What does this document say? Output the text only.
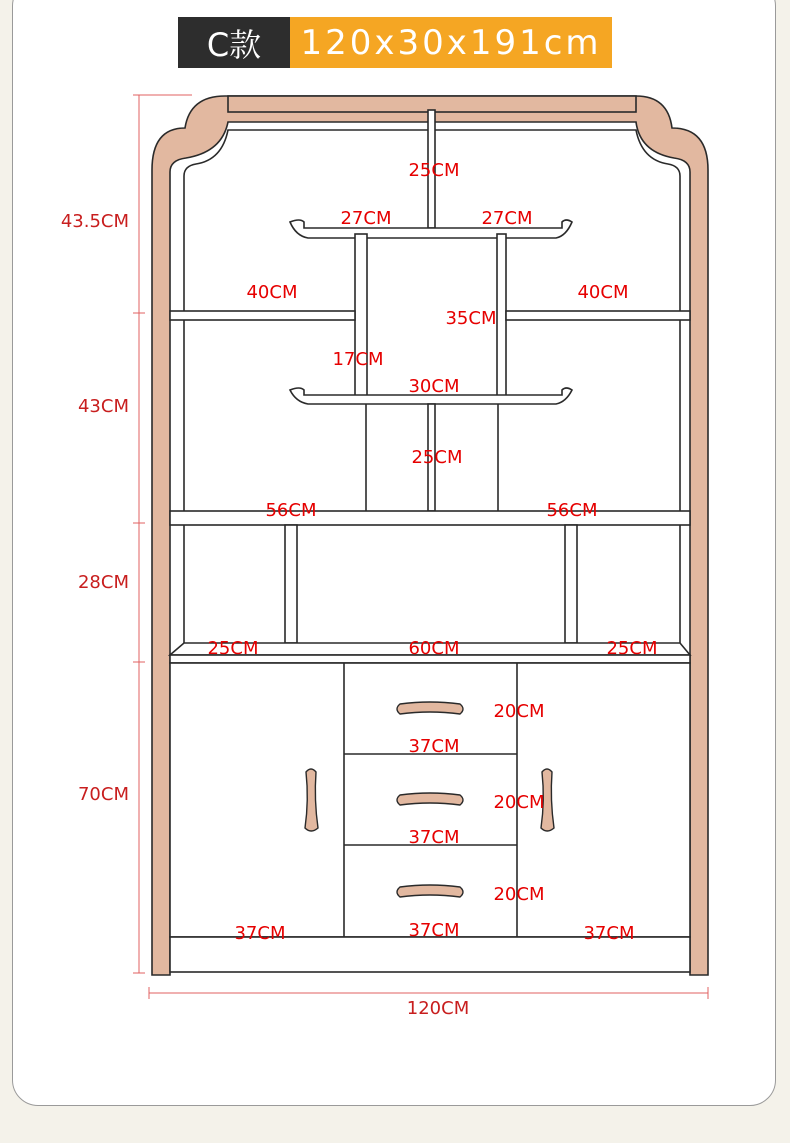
C款	120x30x191cm
43.5CM
43CM
28CM
70CM
120CM
25CM
27CM	27CM
40CM	40CM
35CM
17CM
30CM
25CM
56CM	56CM
25CM	60CM	25CM
20CM
37CM
20CM
37CM
20CM
37CM
37CM	37CM
